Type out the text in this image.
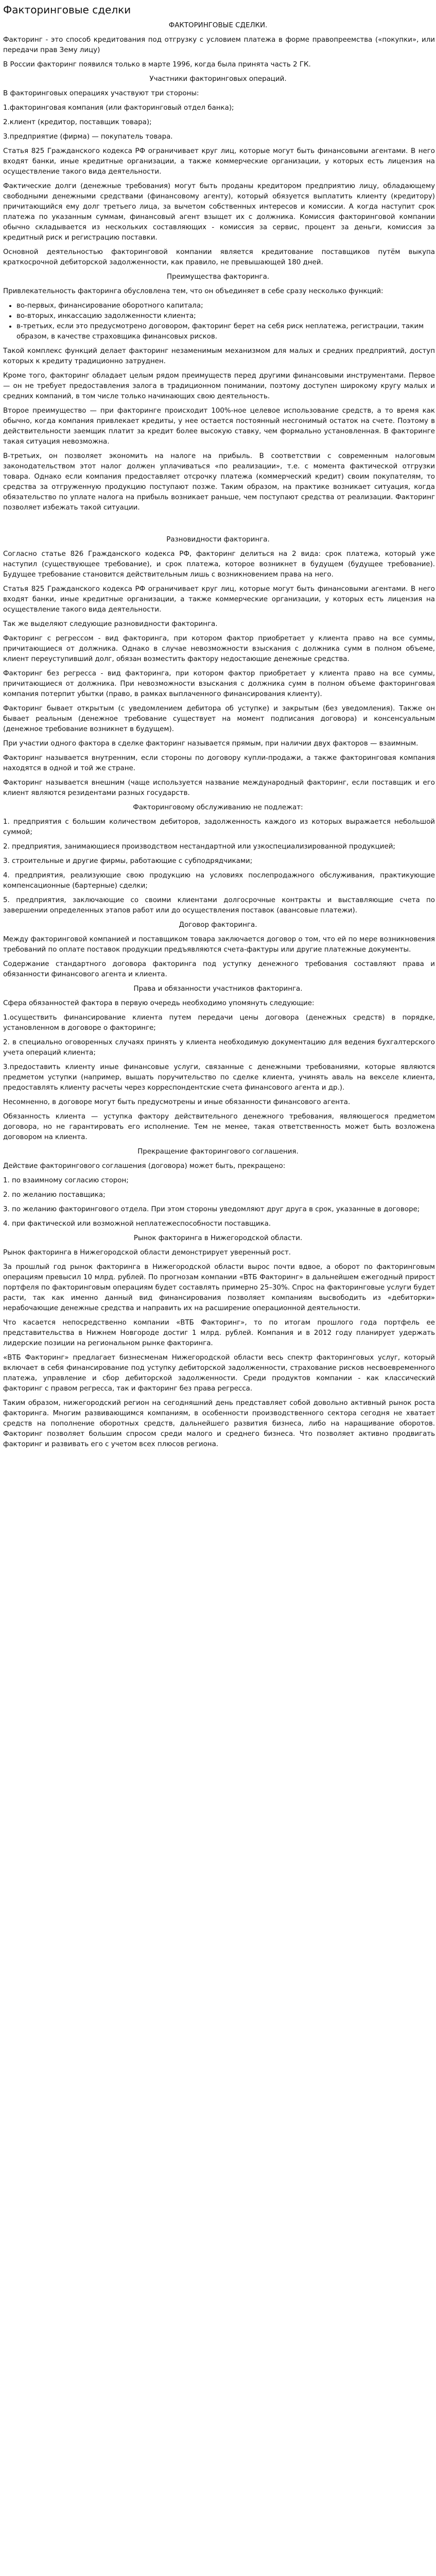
Факторинговые сделки
ФАКТОРИНГОВЫЕ СДЕЛКИ.
Факторинг - это способ кредитования под отгрузку с условием платежа в форме правопреемства («покупки», или передачи прав Зему лицу)
В России факторинг появился только в марте 1996, когда была принята часть 2 ГК.
Участники факторинговых операций.
В факторинговых операциях участвуют три стороны:
1.факторинговая компания (или факторинговый отдел банка);
2.клиент (кредитор, поставщик товара);
3.предприятие (фирма) — покупатель товара.
Статья 825 Гражданского кодекса РФ ограничивает круг лиц, которые могут быть финансовыми агентами. В него входят банки, иные кредитные организации, а также коммерческие организации, у которых есть лицензия на осуществление такого вида деятельности.
Фактические долги (денежные требования) могут быть проданы кредитором предприятию лицу, обладающему свободными денежными средствами (финансовому агенту), который обязуется выплатить клиенту (кредитору) причитающийся ему долг третьего лица, за вычетом собственных интересов и комиссии. А когда наступит срок платежа по указанным суммам, финансовый агент взыщет их с должника. Комиссия факторинговой компании обычно складывается из нескольких составляющих - комиссия за сервис, процент за деньги, комиссия за кредитный риск и регистрацию поставки.
Основной деятельностью факторинговой компании является кредитование поставщиков путём выкупа краткосрочной дебиторской задолженности, как правило, не превышающей 180 дней.
Преимущества факторинга.
Привлекательность факторинга обусловлена тем, что он объединяет в себе сразу несколько функций:
• во-первых, финансирование оборотного капитала;
• во-вторых, инкассацию задолженности клиента;
• в-третьих, если это предусмотрено договором, факторинг берет на себя риск неплатежа, регистрации, таким образом, в качестве страховщика финансовых рисков.
Такой комплекс функций делает факторинг незаменимым механизмом для малых и средних предприятий, доступ которых к кредиту традиционно затруднен.
Кроме того, факторинг обладает целым рядом преимуществ перед другими финансовыми инструментами. Первое — он не требует предоставления залога в традиционном понимании, поэтому доступен широкому кругу малых и средних компаний, в том числе только начинающих свою деятельность.
Второе преимущество — при факторинге происходит 100%-ное целевое использование средств, а то время как обычно, когда компания привлекает кредиты, у нее остается постоянный несгонимый остаток на счете. Поэтому в действительности заемщик платит за кредит более высокую ставку, чем формально установленная. В факторинге такая ситуация невозможна.
В-третьих, он позволяет экономить на налоге на прибыль. В соответствии с современным налоговым законодательством этот налог должен уплачиваться «по реализации», т.е. с момента фактической отгрузки товара. Однако если компания предоставляет отсрочку платежа (коммерческий кредит) своим покупателям, то средства за отгруженную продукцию поступают позже. Таким образом, на практике возникает ситуация, когда обязательство по уплате налога на прибыль возникает раньше, чем поступают средства от реализации. Факторинг позволяет избежать такой ситуации.
Разновидности факторинга.
Согласно статье 826 Гражданского кодекса РФ, факторинг делиться на 2 вида: срок платежа, который уже наступил (существующее требование), и срок платежа, которое возникнет в будущем (будущее требование). Будущее требование становится действительным лишь с возникновением права на него.
Статья 825 Гражданского кодекса РФ ограничивает круг лиц, которые могут быть финансовыми агентами. В него входят банки, иные кредитные организации, а также коммерческие организации, у которых есть лицензия на осуществление такого вида деятельности.
Так же выделяют следующие разновидности факторинга.
Факторинг с регрессом - вид факторинга, при котором фактор приобретает у клиента право на все суммы, причитающиеся от должника. Однако в случае невозможности взыскания с должника сумм в полном объеме, клиент переуступивший долг, обязан возместить фактору недостающие денежные средства.
Факторинг без регресса - вид факторинга, при котором фактор приобретает у клиента право на все суммы, причитающиеся от должника. При невозможности взыскания с должника сумм в полном объеме факторинговая компания потерпит убытки (право, в рамках выплаченного финансирования клиенту).
Факторинг бывает открытым (с уведомлением дебитора об уступке) и закрытым (без уведомления). Также он бывает реальным (денежное требование существует на момент подписания договора) и консенсуальным (денежное требование возникнет в будущем).
При участии одного фактора в сделке факторинг называется прямым, при наличии двух факторов — взаимным.
Факторинг называется внутренним, если стороны по договору купли-продажи, а также факторинговая компания находятся в одной и той же стране.
Факторинг называется внешним (чаще используется название международный факторинг, если поставщик и его клиент являются резидентами разных государств.
Факторинговому обслуживанию не подлежат:
1. предприятия с большим количеством дебиторов, задолженность каждого из которых выражается небольшой суммой;
2. предприятия, занимающиеся производством нестандартной или узкоспециализированной продукцией;
3. строительные и другие фирмы, работающие с субподрядчиками;
4. предприятия, реализующие свою продукцию на условиях послепродажного обслуживания, практикующие компенсационные (бартерные) сделки;
5. предприятия, заключающие со своими клиентами долгосрочные контракты и выставляющие счета по завершении определенных этапов работ или до осуществления поставок (авансовые платежи).
Договор факторинга.
Между факторинговой компанией и поставщиком товара заключается договор о том, что ей по мере возникновения требований по оплате поставок продукции предъявляются счета-фактуры или другие платежные документы.
Содержание стандартного договора факторинга под уступку денежного требования составляют права и обязанности финансового агента и клиента.
Права и обязанности участников факторинга.
Сфера обязанностей фактора в первую очередь необходимо упомянуть следующие:
1.осуществить финансирование клиента путем передачи цены договора (денежных средств) в порядке, установленном в договоре о факторинге;
2. в специально оговоренных случаях принять у клиента необходимую документацию для ведения бухгалтерского учета операций клиента;
3.предоставить клиенту иные финансовые услуги, связанные с денежными требованиями, которые являются предметом уступки (например, вышать поручительство по сделке клиента, учинять аваль на векселе клиента, предоставлять клиенту расчеты через корреспондентские счета финансового агента и др.).
Несомненно, в договоре могут быть предусмотрены и иные обязанности финансового агента.
Обязанность клиента — уступка фактору действительного денежного требования, являющегося предметом договора, но не гарантировать его исполнение. Тем не менее, такая ответственность может быть возложена договором на клиента.
Прекращение факторингового соглашения.
Действие факторингового соглашения (договора) может быть, прекращено:
1. по взаимному согласию сторон;
2. по желанию поставщика;
3. по желанию факторингового отдела. При этом стороны уведомляют друг друга в срок, указанные в договоре;
4. при фактической или возможной неплатежеспособности поставщика.
Рынок факторинга в Нижегородской области.
Рынок факторинга в Нижегородской области демонстрирует уверенный рост.
За прошлый год рынок факторинга в Нижегородской области вырос почти вдвое, а оборот по факторинговым операциям превысил 10 млрд. рублей. По прогнозам компании «ВТБ Факторинг» в дальнейшем ежегодный прирост портфеля по факторинговым операциям будет составлять примерно 25–30%. Спрос на факторинговые услуги будет расти, так как именно данный вид финансирования позволяет компаниям высвободить из «дебиторки» нерабочающие денежные средства и направить их на расширение операционной деятельности.
Что касается непосредственно компании «ВТБ Факторинг», то по итогам прошлого года портфель ее представительства в Нижнем Новгороде достиг 1 млрд. рублей. Компания и в 2012 году планирует удержать лидерские позиции на региональном рынке факторинга.
«ВТБ Факторинг» предлагает бизнесменам Нижегородской области весь спектр факторинговых услуг, который включает в себя финансирование под уступку дебиторской задолженности, страхование рисков несвоевременного платежа, управление и сбор дебиторской задолженности. Среди продуктов компании - как классический факторинг с правом регресса, так и факторинг без права регресса.
Таким образом, нижегородский регион на сегодняшний день представляет собой довольно активный рынок роста факторинга. Многим развивающимся компаниям, в особенности производственного сектора сегодня не хватает средств на пополнение оборотных средств, дальнейшего развития бизнеса, либо на наращивание оборотов. Факторинг позволяет большим спросом среди малого и среднего бизнеса. Что позволяет активно продвигать факторинг и развивать его с учетом всех плюсов региона.
